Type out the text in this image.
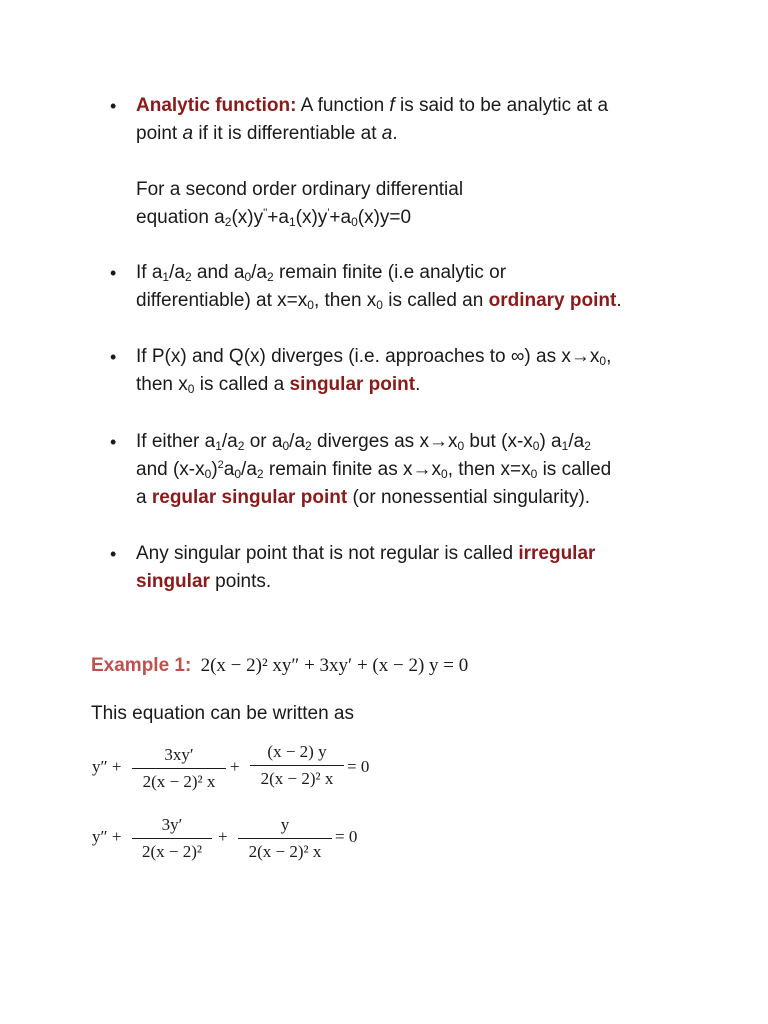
• Analytic function: A function f is said to be analytic at a
point a if it is differentiable at a.
For a second order ordinary differential
equation $a_2(x)y''+a_1(x)y'+a_0(x)y=0$
• If $a_1/a_2$ and $a_0/a_2$ remain finite (i.e analytic or
differentiable) at $x=x_0$, then $x_0$ is called an ordinary point.
• If P(x) and Q(x) diverges (i.e. approaches to ∞) as $x\to x_0$,
then $x_0$ is called a singular point.
• If either $a_1/a_2$ or $a_0/a_2$ diverges as $x\to x_0$ but $(x-x_0)$ $a_1/a_2$
and $(x-x_0)^2a_0/a_2$ remain finite as $x\to x_0$, then $x=x_0$ is called
a regular singular point (or nonessential singularity).
• Any singular point that is not regular is called irregular
singular points.
Example 1: 2(x − 2)² xy″ + 3xy′ + (x − 2) y = 0
This equation can be written as
y″ +
3xy′
2(x − 2)² x
+
(x − 2) y
2(x − 2)² x
= 0
y″ +
3y′
2(x − 2)²
+
y
2(x − 2)² x
= 0
